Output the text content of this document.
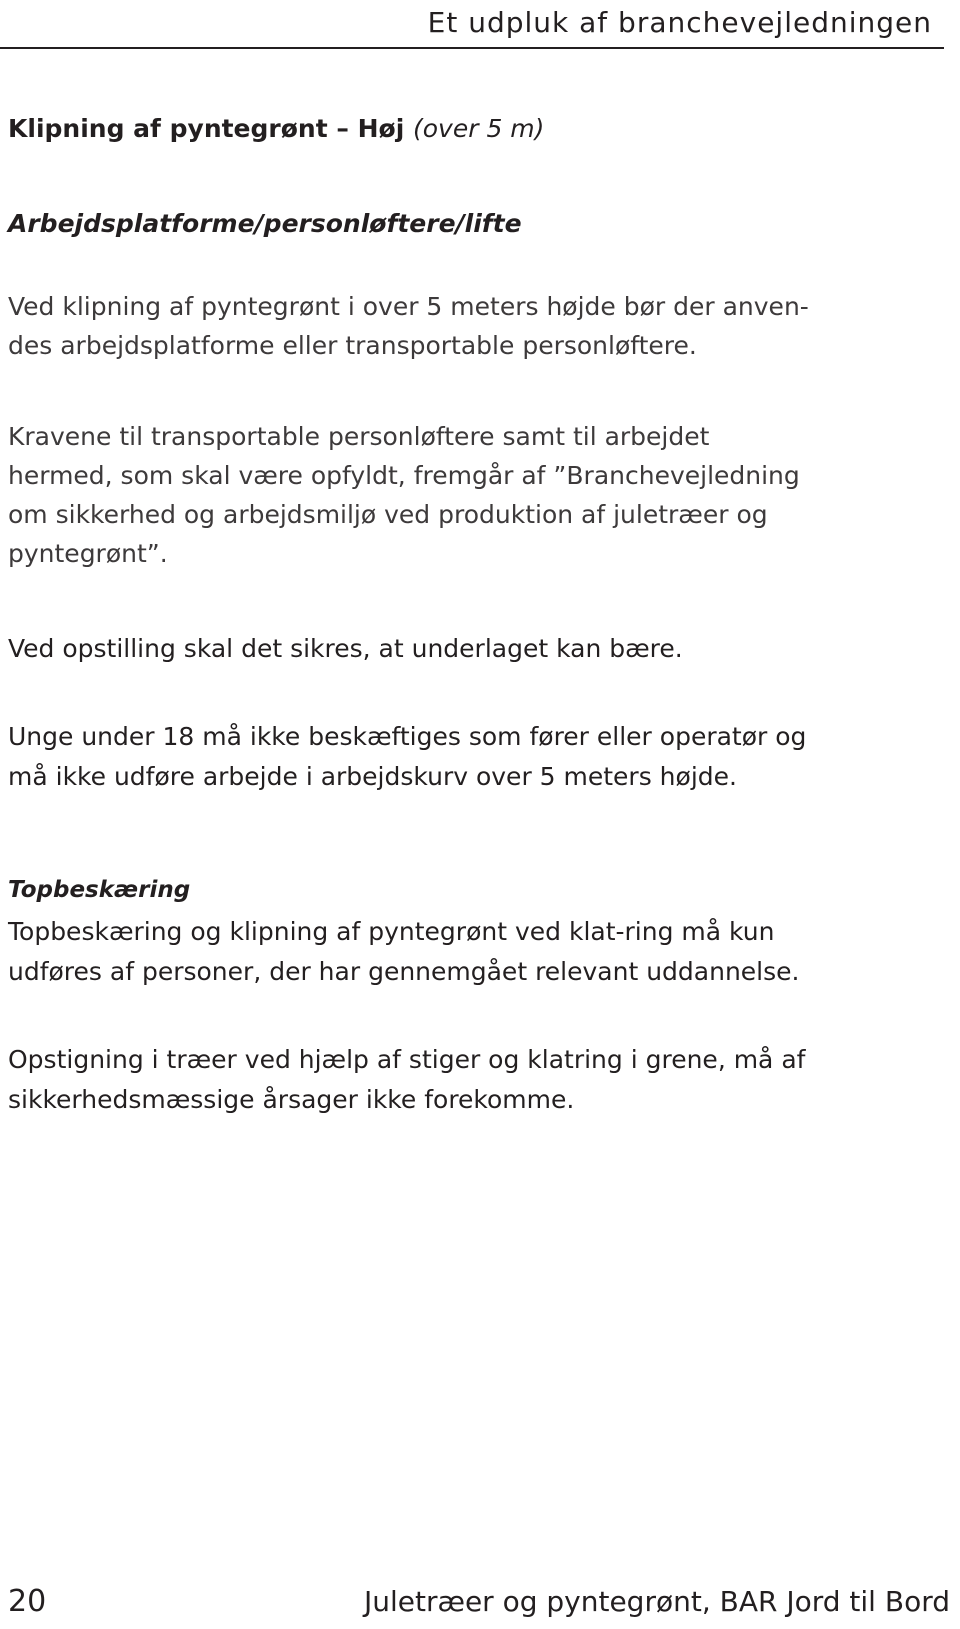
Et udpluk af branchevejledningen
Klipning af pyntegrønt – Høj (over 5 m)
Arbejdsplatforme/personløftere/lifte

Ved klipning af pyntegrønt i over 5 meters højde bør der anven-
des arbejdsplatforme eller transportable personløftere.

Kravene til transportable personløftere samt til arbejdet
hermed, som skal være opfyldt, fremgår af ”Branchevejledning
om sikkerhed og arbejdsmiljø ved produktion af juletræer og
pyntegrønt”.

Ved opstilling skal det sikres, at underlaget kan bære.

Unge under 18 må ikke beskæftiges som fører eller operatør og
må ikke udføre arbejde i arbejdskurv over 5 meters højde.

Topbeskæring

Topbeskæring og klipning af pyntegrønt ved klat-ring må kun
udføres af personer, der har gennemgået relevant uddannelse.

Opstigning i træer ved hjælp af stiger og klatring i grene, må af
sikkerhedsmæssige årsager ikke forekomme.

20	Juletræer og pyntegrønt, BAR Jord til Bord
